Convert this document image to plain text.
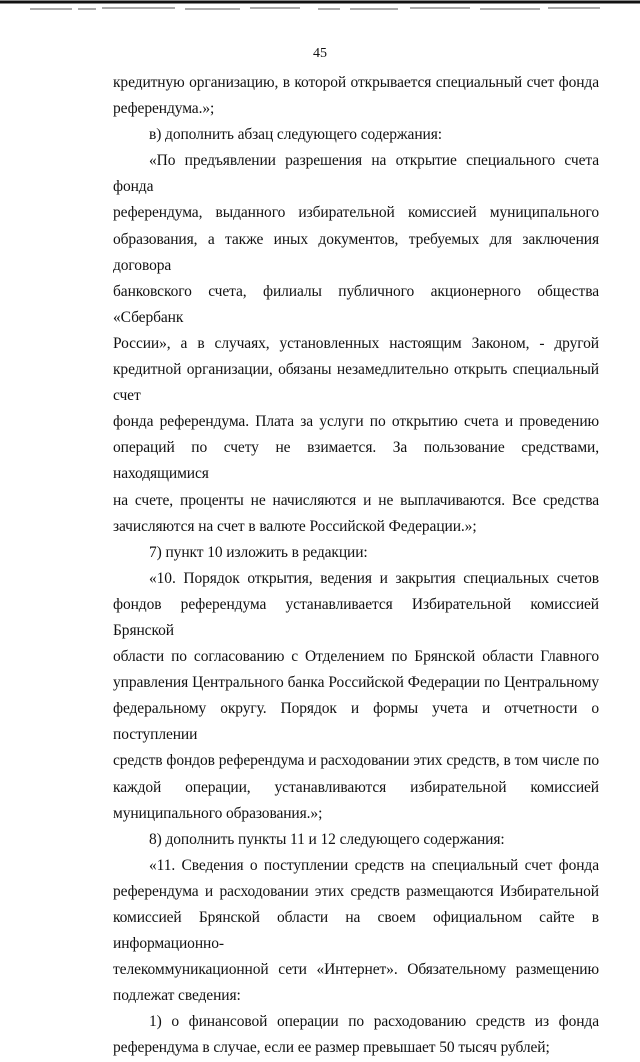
45

кредитную организацию, в которой открывается специальный счет фонда

референдума.»;

в) дополнить абзац следующего содержания:

«По предъявлении разрешения на открытие специального счета фонда

референдума, выданного избирательной комиссией муниципального

образования, а также иных документов, требуемых для заключения договора

банковского счета, филиалы публичного акционерного общества «Сбербанк

России», а в случаях, установленных настоящим Законом, - другой

кредитной организации, обязаны незамедлительно открыть специальный счет

фонда референдума. Плата за услуги по открытию счета и проведению

операций по счету не взимается. За пользование средствами, находящимися

на счете, проценты не начисляются и не выплачиваются. Все средства

зачисляются на счет в валюте Российской Федерации.»;

7) пункт 10 изложить в редакции:

«10. Порядок открытия, ведения и закрытия специальных счетов

фондов референдума устанавливается Избирательной комиссией Брянской

области по согласованию с Отделением по Брянской области Главного

управления Центрального банка Российской Федерации по Центральному

федеральному округу. Порядок и формы учета и отчетности о поступлении

средств фондов референдума и расходовании этих средств, в том числе по

каждой операции, устанавливаются избирательной комиссией

муниципального образования.»;

8) дополнить пункты 11 и 12 следующего содержания:

«11. Сведения о поступлении средств на специальный счет фонда

референдума и расходовании этих средств размещаются Избирательной

комиссией Брянской области на своем официальном сайте в информационно-

телекоммуникационной сети «Интернет». Обязательному размещению

подлежат сведения:

1) о финансовой операции по расходованию средств из фонда

референдума в случае, если ее размер превышает 50 тысяч рублей;
